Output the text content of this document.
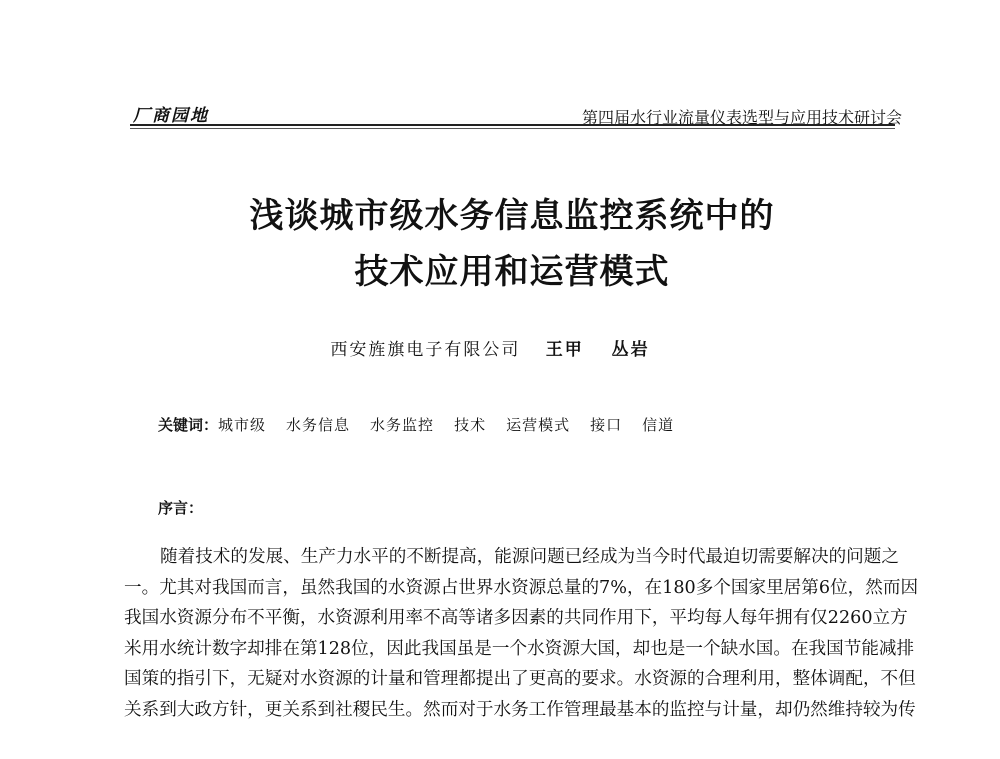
厂商园地	第四届水行业流量仪表选型与应用技术研讨会
浅谈城市级水务信息监控系统中的
技术应用和运营模式
西安旌旗电子有限公司 王甲 丛岩
关键词：城市级 水务信息 水务监控 技术 运营模式 接口 信道
序言：
随着技术的发展、生产力水平的不断提高，能源问题已经成为当今时代最迫切需要解决的问题之
一。尤其对我国而言，虽然我国的水资源占世界水资源总量的7%，在180多个国家里居第6位，然而因
我国水资源分布不平衡，水资源利用率不高等诸多因素的共同作用下，平均每人每年拥有仅2260立方
米用水统计数字却排在第128位，因此我国虽是一个水资源大国，却也是一个缺水国。在我国节能减排
国策的指引下，无疑对水资源的计量和管理都提出了更高的要求。水资源的合理利用，整体调配，不但
关系到大政方针，更关系到社稷民生。然而对于水务工作管理最基本的监控与计量，却仍然维持较为传
